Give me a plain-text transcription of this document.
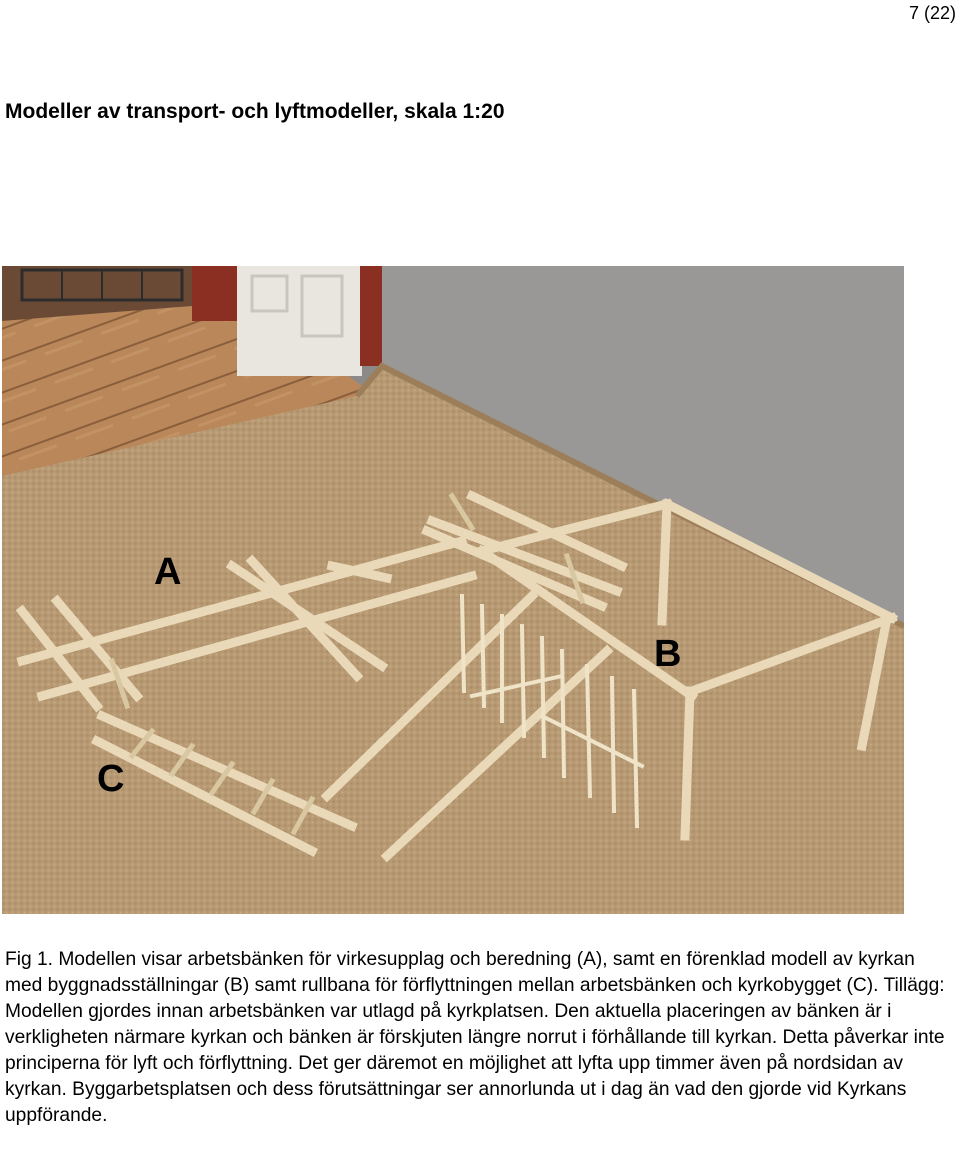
7 (22)
Modeller av transport- och lyftmodeller, skala 1:20
A
B
C

Fig 1. Modellen visar arbetsbänken för virkesupplag och beredning (A), samt en förenklad modell av kyrkan med byggnadsställningar (B) samt rullbana för förflyttningen mellan arbetsbänken och kyrkobygget (C). Tillägg: Modellen gjordes innan arbetsbänken var utlagd på kyrkplatsen. Den aktuella placeringen av bänken är i verkligheten närmare kyrkan och bänken är förskjuten längre norrut i förhållande till kyrkan. Detta påverkar inte principerna för lyft och förflyttning. Det ger däremot en möjlighet att lyfta upp timmer även på nordsidan av kyrkan. Byggarbetsplatsen och dess förutsättningar ser annorlunda ut i dag än vad den gjorde vid Kyrkans uppförande.
